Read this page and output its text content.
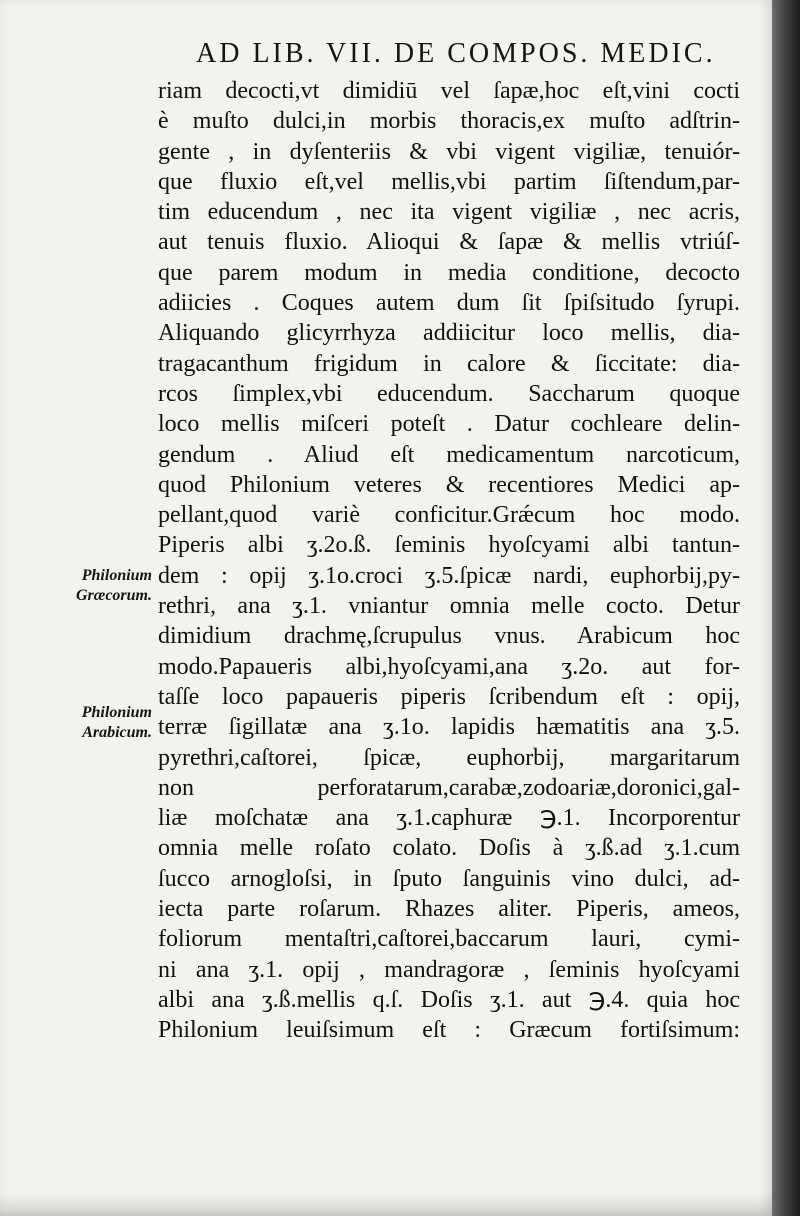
AD LIB. VII. DE COMPOS. MEDIC.
Philonium
Græcorum.
Philonium
Arabicum.
riam decocti,vt dimidiū vel ſapæ,hoc eſt,vini cocti
è muſto dulci,in morbis thoracis,ex muſto adſtrin-
gente , in dyſenteriis & vbi vigent vigiliæ, tenuiór-
que fluxio eſt,vel mellis,vbi partim ſiſtendum,par-
tim educendum , nec ita vigent vigiliæ , nec acris,
aut tenuis fluxio. Alioqui & ſapæ & mellis vtriúſ-
que parem modum in media conditione, decocto
adiicies . Coques autem dum ſit ſpiſsitudo ſyrupi.
Aliquando glicyrrhyza addiicitur loco mellis, dia-
tragacanthum frigidum in calore & ſiccitate: dia-
rcos ſimplex,vbi educendum. Saccharum quoque
loco mellis miſceri poteſt . Datur cochleare delin-
gendum . Aliud eſt medicamentum narcoticum,
quod Philonium veteres & recentiores Medici ap-
pellant,quod variè conficitur.Grǽcum hoc modo.
Piperis albi ʒ.2o.ß. ſeminis hyoſcyami albi tantun-
dem : opij ʒ.1o.croci ʒ.5.ſpicæ nardi, euphorbij,py-
rethri, ana ʒ.1. vniantur omnia melle cocto. Detur
dimidium drachmę,ſcrupulus vnus. Arabicum hoc
modo.Papaueris albi,hyoſcyami,ana ʒ.2o. aut for-
taſſe loco papaueris piperis ſcribendum eſt : opij,
terræ ſigillatæ ana ʒ.1o. lapidis hæmatitis ana ʒ.5.
pyrethri,caſtorei, ſpicæ, euphorbij, margaritarum
non perforatarum,carabæ,zodoariæ,doronici,gal-
liæ moſchatæ ana ʒ.1.caphuræ ℈.1. Incorporentur
omnia melle roſato colato. Doſis à ʒ.ß.ad ʒ.1.cum
ſucco arnogloſsi, in ſputo ſanguinis vino dulci, ad-
iecta parte roſarum. Rhazes aliter. Piperis, ameos,
foliorum mentaſtri,caſtorei,baccarum lauri, cymi-
ni ana ʒ.1. opij , mandragoræ , ſeminis hyoſcyami
albi ana ʒ.ß.mellis q.ſ. Doſis ʒ.1. aut ℈.4. quia hoc
Philonium leuiſsimum eſt : Græcum fortiſsimum:
